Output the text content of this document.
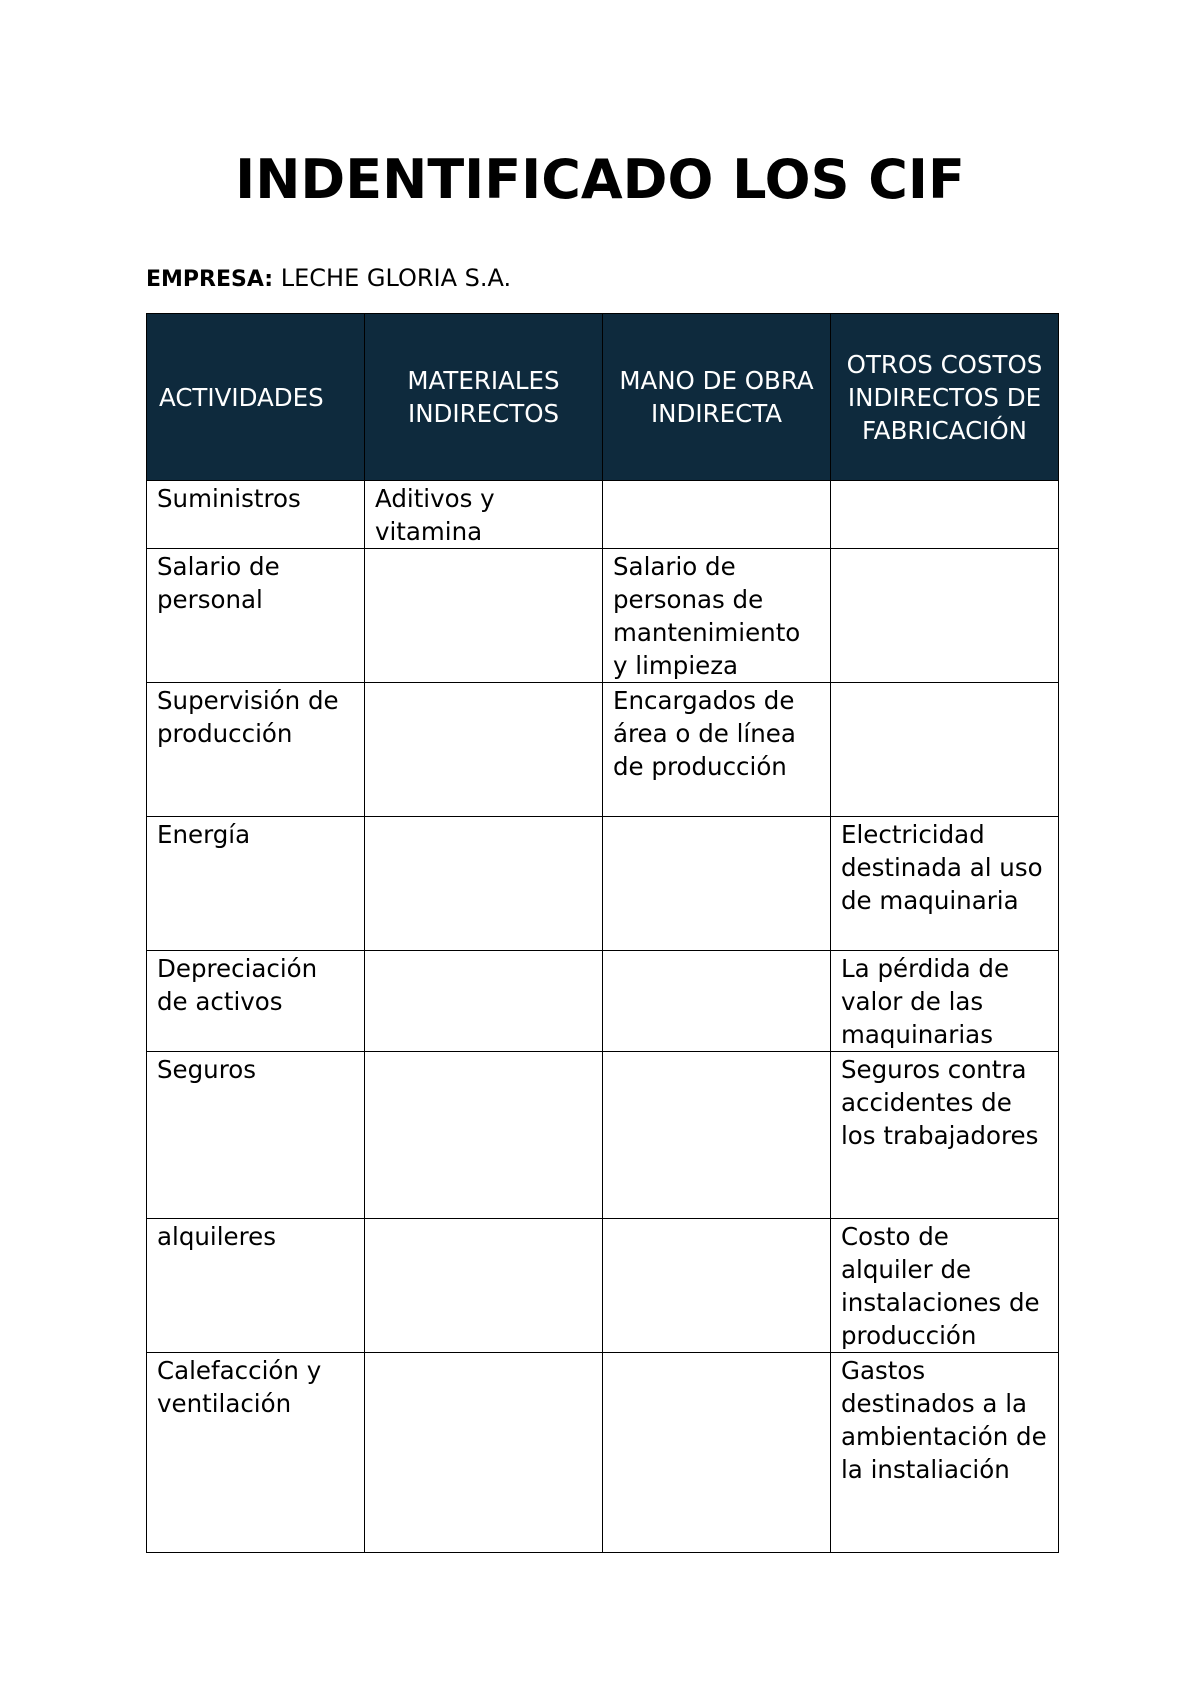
INDENTIFICADO LOS CIF
EMPRESA: LECHE GLORIA S.A.
ACTIVIDADES	MATERIALES INDIRECTOS	MANO DE OBRA INDIRECTA	OTROS COSTOS INDIRECTOS DE FABRICACIÓN
Suministros	Aditivos y vitamina		
Salario de personal		Salario de personas de mantenimiento y limpieza	
Supervisión de producción		Encargados de área o de línea de producción	
Energía			Electricidad destinada al uso de maquinaria
Depreciación de activos			La pérdida de valor de las maquinarias
Seguros			Seguros contra accidentes de los trabajadores
alquileres			Costo de alquiler de instalaciones de producción
Calefacción y ventilación			Gastos destinados a la ambientación de la instaliación
